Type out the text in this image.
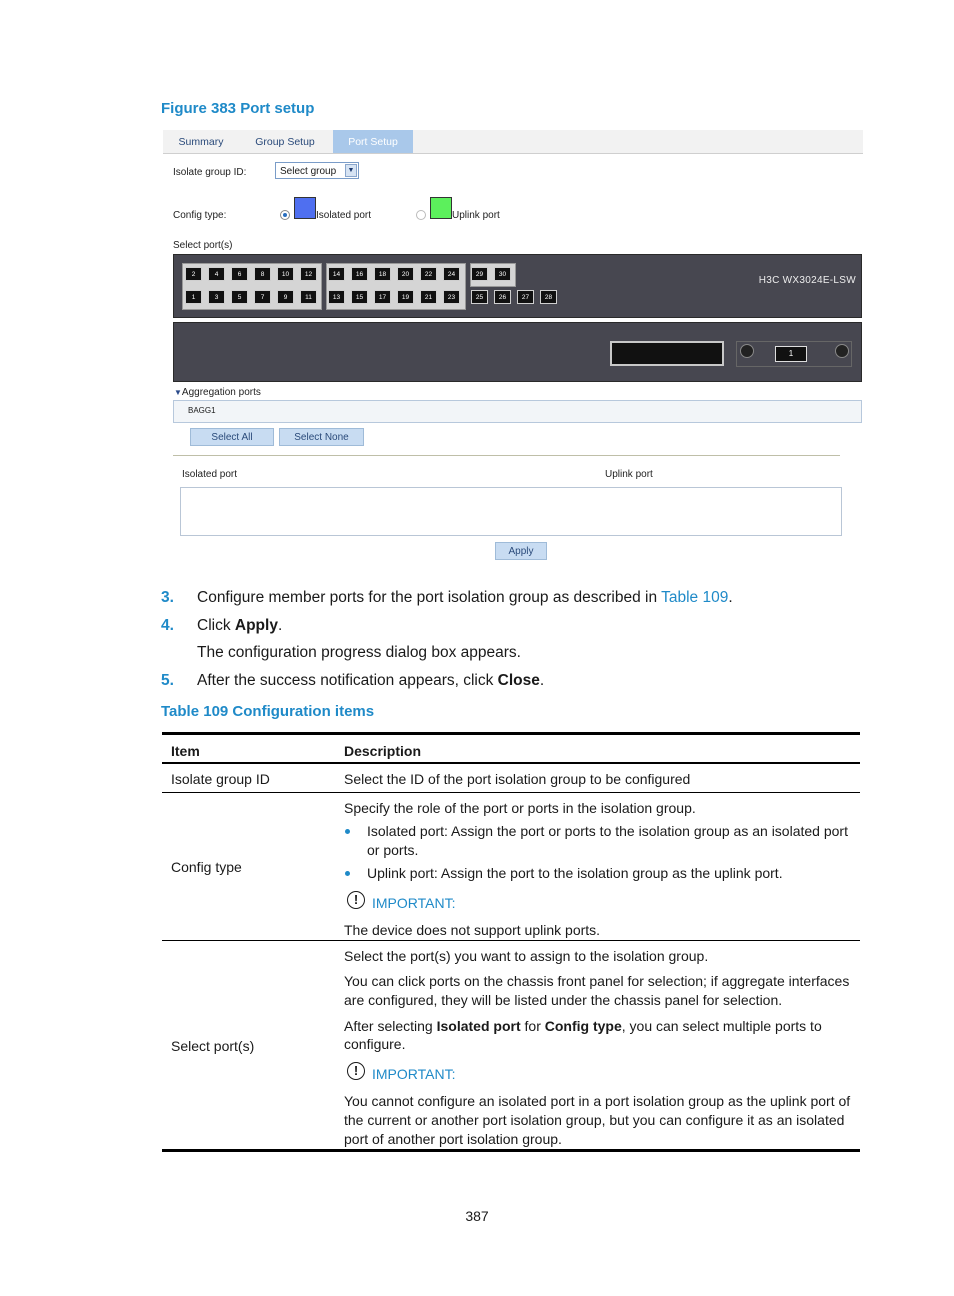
Figure 383 Port setup
Summary	Group Setup	Port Setup
Isolate group ID:	Select group	▼
Config type:	Isolated port	Uplink port
Select port(s)
H3C WX3024E-LSW
2	4	6	8	10	12	14	16	18	20	22	24	29	30
1	3	5	7	9	11	13	15	17	19	21	23	25	26	27	28
1
▼Aggregation ports
BAGG1
Select All	Select None
Isolated port	Uplink port
Apply
3. Configure member ports for the port isolation group as described in Table 109.
4. Click Apply.
The configuration progress dialog box appears.
5. After the success notification appears, click Close.
Table 109 Configuration items
Item	Description
Isolate group ID	Select the ID of the port isolation group to be configured
Config type
Specify the role of the port or ports in the isolation group.
Isolated port: Assign the port or ports to the isolation group as an isolated port
or ports.
Uplink port: Assign the port to the isolation group as the uplink port.
! IMPORTANT:
The device does not support uplink ports.
Select port(s)
Select the port(s) you want to assign to the isolation group.
You can click ports on the chassis front panel for selection; if aggregate interfaces
are configured, they will be listed under the chassis panel for selection.
After selecting Isolated port for Config type, you can select multiple ports to
configure.
! IMPORTANT:
You cannot configure an isolated port in a port isolation group as the uplink port of
the current or another port isolation group, but you can configure it as an isolated
port of another port isolation group.
387
